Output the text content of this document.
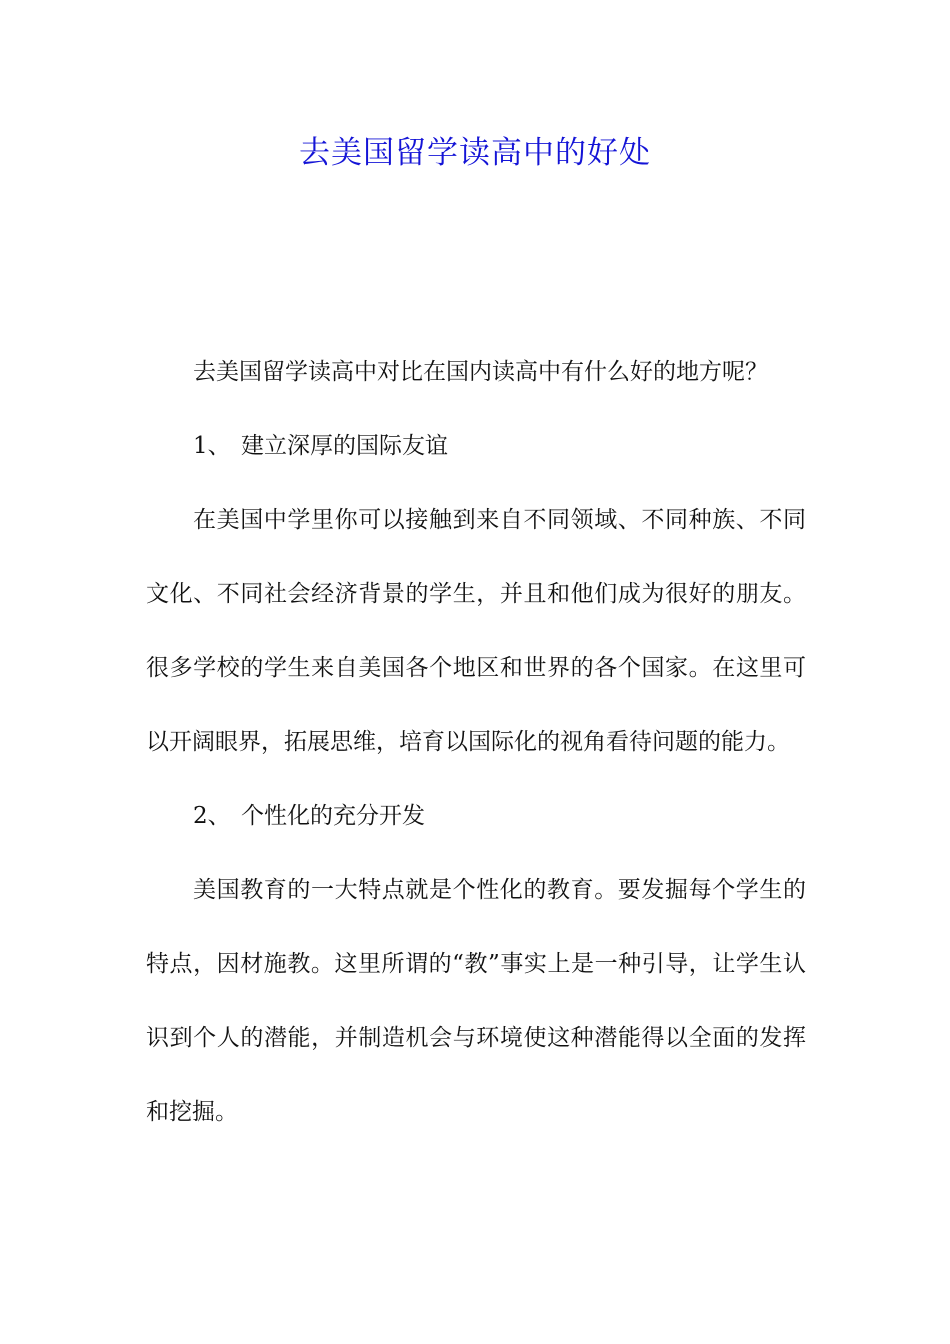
去美国留学读高中的好处

去美国留学读高中对比在国内读高中有什么好的地方呢？

1、 建立深厚的国际友谊

在美国中学里你可以接触到来自不同领域、不同种族、不同文化、不同社会经济背景的学生，并且和他们成为很好的朋友。很多学校的学生来自美国各个地区和世界的各个国家。在这里可以开阔眼界，拓展思维，培育以国际化的视角看待问题的能力。

2、 个性化的充分开发

美国教育的一大特点就是个性化的教育。要发掘每个学生的特点，因材施教。这里所谓的“教”事实上是一种引导，让学生认识到个人的潜能，并制造机会与环境使这种潜能得以全面的发挥和挖掘。
